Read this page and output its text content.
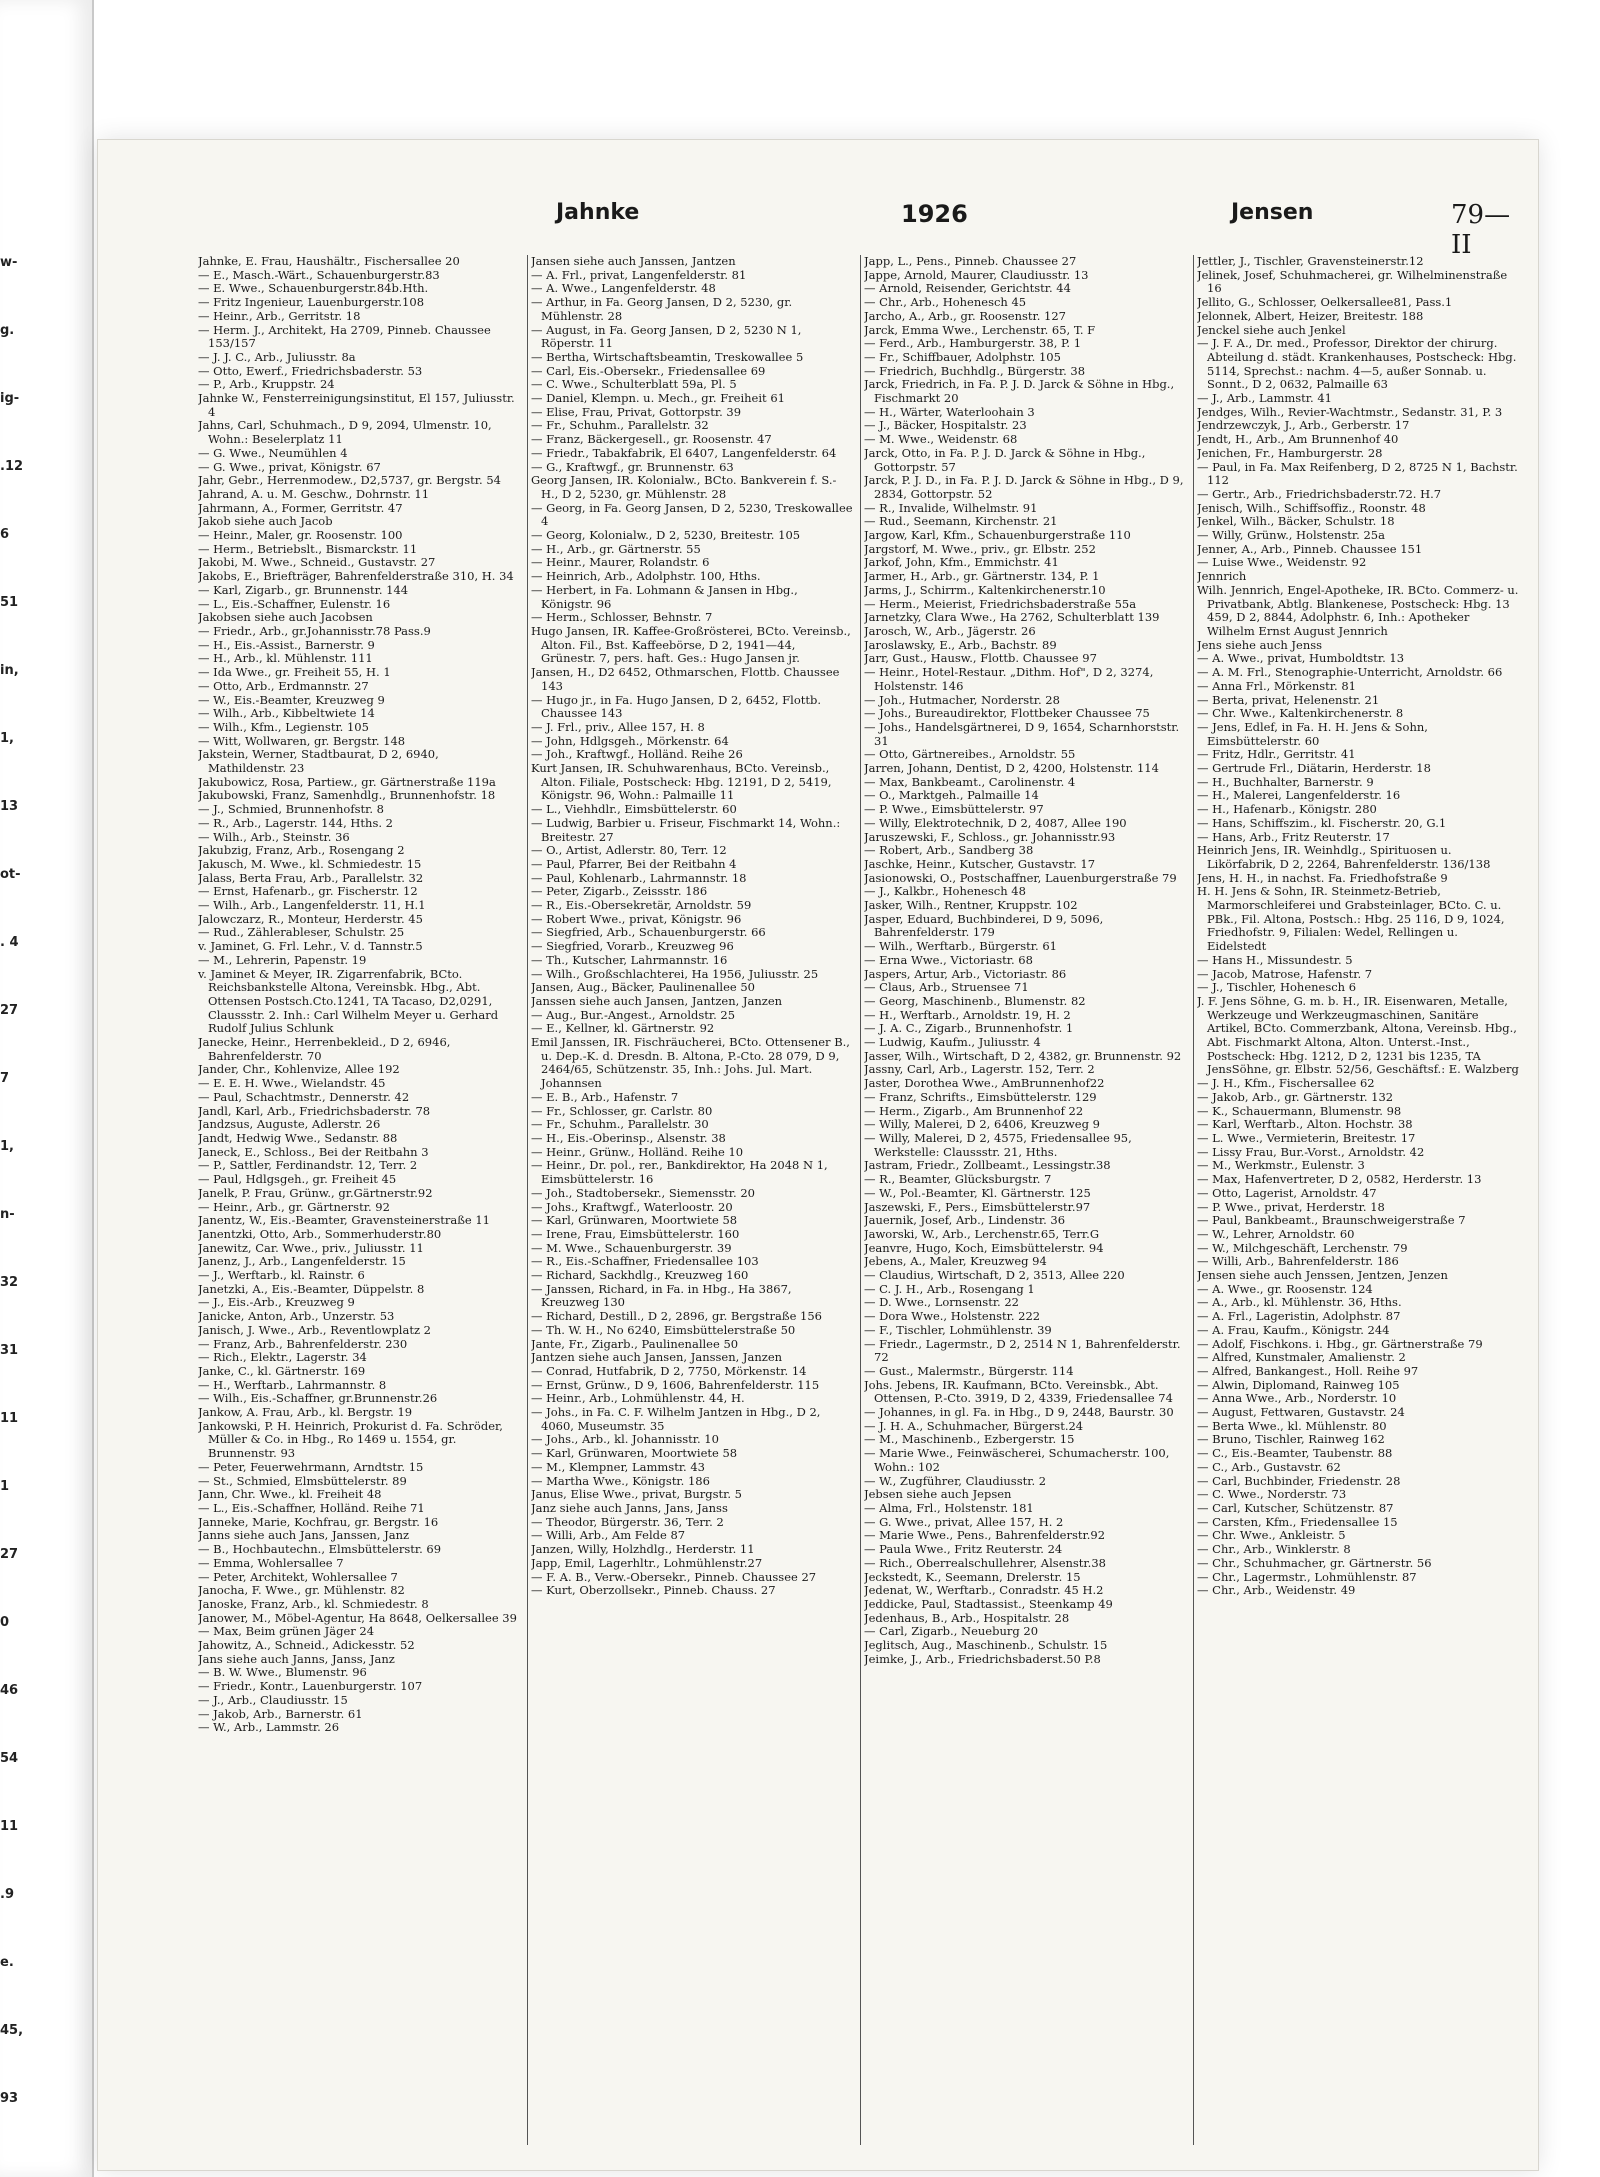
w-
g.
ig-
.12
6
51
in,
1,
13
ot-
. 4
27
7
1,
n-
32
31
11
1
27
0
46
54
11
.9
e.
45,
93
Jahnke	1926	Jensen	79—II
Jahnke, E. Frau, Haushältr., Fischersallee 20
— E., Masch.-Wärt., Schauenburgerstr.83
— E. Wwe., Schauenburgerstr.84b.Hth.
— Fritz Ingenieur, Lauenburgerstr.108
— Heinr., Arb., Gerritstr. 18
— Herm. J., Architekt, Ha 2709, Pinneb. Chaussee 153/157
— J. J. C., Arb., Juliusstr. 8a
— Otto, Ewerf., Friedrichsbaderstr. 53
— P., Arb., Kruppstr. 24
Jahnke W., Fensterreinigungsinstitut, El 157, Juliusstr. 4
Jahns, Carl, Schuhmach., D 9, 2094, Ulmenstr. 10, Wohn.: Beselerplatz 11
— G. Wwe., Neumühlen 4
— G. Wwe., privat, Königstr. 67
Jahr, Gebr., Herrenmodew., D2,5737, gr. Bergstr. 54
Jahrand, A. u. M. Geschw., Dohrnstr. 11
Jahrmann, A., Former, Gerritstr. 47
Jakob siehe auch Jacob
— Heinr., Maler, gr. Roosenstr. 100
— Herm., Betriebslt., Bismarckstr. 11
Jakobi, M. Wwe., Schneid., Gustavstr. 27
Jakobs, E., Briefträger, Bahrenfelderstraße 310, H. 34
— Karl, Zigarb., gr. Brunnenstr. 144
— L., Eis.-Schaffner, Eulenstr. 16
Jakobsen siehe auch Jacobsen
— Friedr., Arb., gr.Johannisstr.78 Pass.9
— H., Eis.-Assist., Barnerstr. 9
— H., Arb., kl. Mühlenstr. 111
— Ida Wwe., gr. Freiheit 55, H. 1
— Otto, Arb., Erdmannstr. 27
— W., Eis.-Beamter, Kreuzweg 9
— Wilh., Arb., Kibbeltwiete 14
— Wilh., Kfm., Legienstr. 105
— Witt, Wollwaren, gr. Bergstr. 148
Jakstein, Werner, Stadtbaurat, D 2, 6940, Mathildenstr. 23
Jakubowicz, Rosa, Partiew., gr. Gärtnerstraße 119a
Jakubowski, Franz, Samenhdlg., Brunnenhofstr. 18
— J., Schmied, Brunnenhofstr. 8
— R., Arb., Lagerstr. 144, Hths. 2
— Wilh., Arb., Steinstr. 36
Jakubzig, Franz, Arb., Rosengang 2
Jakusch, M. Wwe., kl. Schmiedestr. 15
Jalass, Berta Frau, Arb., Parallelstr. 32
— Ernst, Hafenarb., gr. Fischerstr. 12
— Wilh., Arb., Langenfelderstr. 11, H.1
Jalowczarz, R., Monteur, Herderstr. 45
— Rud., Zählerableser, Schulstr. 25
v. Jaminet, G. Frl. Lehr., V. d. Tannstr.5
— M., Lehrerin, Papenstr. 19
v. Jaminet & Meyer, IR. Zigarrenfabrik, BCto. Reichsbankstelle Altona, Vereinsbk. Hbg., Abt. Ottensen Postsch.Cto.1241, TA Tacaso, D2,0291, Claussstr. 2. Inh.: Carl Wilhelm Meyer u. Gerhard Rudolf Julius Schlunk
Janecke, Heinr., Herrenbekleid., D 2, 6946, Bahrenfelderstr. 70
Jander, Chr., Kohlenvize, Allee 192
— E. E. H. Wwe., Wielandstr. 45
— Paul, Schachtmstr., Dennerstr. 42
Jandl, Karl, Arb., Friedrichsbaderstr. 78
Jandzsus, Auguste, Adlerstr. 26
Jandt, Hedwig Wwe., Sedanstr. 88
Janeck, E., Schloss., Bei der Reitbahn 3
— P., Sattler, Ferdinandstr. 12, Terr. 2
— Paul, Hdlgsgeh., gr. Freiheit 45
Janelk, P. Frau, Grünw., gr.Gärtnerstr.92
— Heinr., Arb., gr. Gärtnerstr. 92
Janentz, W., Eis.-Beamter, Gravensteinerstraße 11
Janentzki, Otto, Arb., Sommerhuderstr.80
Janewitz, Car. Wwe., priv., Juliusstr. 11
Janenz, J., Arb., Langenfelderstr. 15
— J., Werftarb., kl. Rainstr. 6
Janetzki, A., Eis.-Beamter, Düppelstr. 8
— J., Eis.-Arb., Kreuzweg 9
Janicke, Anton, Arb., Unzerstr. 53
Janisch, J. Wwe., Arb., Reventlowplatz 2
— Franz, Arb., Bahrenfelderstr. 230
— Rich., Elektr., Lagerstr. 34
Janke, C., kl. Gärtnerstr. 169
— H., Werftarb., Lahrmannstr. 8
— Wilh., Eis.-Schaffner, gr.Brunnenstr.26
Jankow, A. Frau, Arb., kl. Bergstr. 19
Jankowski, P. H. Heinrich, Prokurist d. Fa. Schröder, Müller & Co. in Hbg., Ro 1469 u. 1554, gr. Brunnenstr. 93
— Peter, Feuerwehrmann, Arndtstr. 15
— St., Schmied, Elmsbüttelerstr. 89
Jann, Chr. Wwe., kl. Freiheit 48
— L., Eis.-Schaffner, Holländ. Reihe 71
Janneke, Marie, Kochfrau, gr. Bergstr. 16
Janns siehe auch Jans, Janssen, Janz
— B., Hochbautechn., Elmsbüttelerstr. 69
— Emma, Wohlersallee 7
— Peter, Architekt, Wohlersallee 7
Janocha, F. Wwe., gr. Mühlenstr. 82
Janoske, Franz, Arb., kl. Schmiedestr. 8
Janower, M., Möbel-Agentur, Ha 8648, Oelkersallee 39
— Max, Beim grünen Jäger 24
Jahowitz, A., Schneid., Adickesstr. 52
Jans siehe auch Janns, Janss, Janz
— B. W. Wwe., Blumenstr. 96
— Friedr., Kontr., Lauenburgerstr. 107
— J., Arb., Claudiusstr. 15
— Jakob, Arb., Barnerstr. 61
— W., Arb., Lammstr. 26
Jansen siehe auch Janssen, Jantzen
— A. Frl., privat, Langenfelderstr. 81
— A. Wwe., Langenfelderstr. 48
— Arthur, in Fa. Georg Jansen, D 2, 5230, gr. Mühlenstr. 28
— August, in Fa. Georg Jansen, D 2, 5230 N 1, Röperstr. 11
— Bertha, Wirtschaftsbeamtin, Treskowallee 5
— Carl, Eis.-Obersekr., Friedensallee 69
— C. Wwe., Schulterblatt 59a, Pl. 5
— Daniel, Klempn. u. Mech., gr. Freiheit 61
— Elise, Frau, Privat, Gottorpstr. 39
— Fr., Schuhm., Parallelstr. 32
— Franz, Bäckergesell., gr. Roosenstr. 47
— Friedr., Tabakfabrik, El 6407, Langenfelderstr. 64
— G., Kraftwgf., gr. Brunnenstr. 63
Georg Jansen, IR. Kolonialw., BCto. Bankverein f. S.-H., D 2, 5230, gr. Mühlenstr. 28
— Georg, in Fa. Georg Jansen, D 2, 5230, Treskowallee 4
— Georg, Kolonialw., D 2, 5230, Breitestr. 105
— H., Arb., gr. Gärtnerstr. 55
— Heinr., Maurer, Rolandstr. 6
— Heinrich, Arb., Adolphstr. 100, Hths.
— Herbert, in Fa. Lohmann & Jansen in Hbg., Königstr. 96
— Herm., Schlosser, Behnstr. 7
Hugo Jansen, IR. Kaffee-Großrösterei, BCto. Vereinsb., Alton. Fil., Bst. Kaffeebörse, D 2, 1941—44, Grünestr. 7, pers. haft. Ges.: Hugo Jansen jr.
Jansen, H., D2 6452, Othmarschen, Flottb. Chaussee 143
— Hugo jr., in Fa. Hugo Jansen, D 2, 6452, Flottb. Chaussee 143
— J. Frl., priv., Allee 157, H. 8
— John, Hdlgsgeh., Mörkenstr. 64
— Joh., Kraftwgf., Holländ. Reihe 26
Kurt Jansen, IR. Schuhwarenhaus, BCto. Vereinsb., Alton. Filiale, Postscheck: Hbg. 12191, D 2, 5419, Königstr. 96, Wohn.: Palmaille 11
— L., Viehhdlr., Eimsbüttelerstr. 60
— Ludwig, Barbier u. Friseur, Fischmarkt 14, Wohn.: Breitestr. 27
— O., Artist, Adlerstr. 80, Terr. 12
— Paul, Pfarrer, Bei der Reitbahn 4
— Paul, Kohlenarb., Lahrmannstr. 18
— Peter, Zigarb., Zeissstr. 186
— R., Eis.-Obersekretär, Arnoldstr. 59
— Robert Wwe., privat, Königstr. 96
— Siegfried, Arb., Schauenburgerstr. 66
— Siegfried, Vorarb., Kreuzweg 96
— Th., Kutscher, Lahrmannstr. 16
— Wilh., Großschlachterei, Ha 1956, Juliusstr. 25
Jansen, Aug., Bäcker, Paulinenallee 50
Janssen siehe auch Jansen, Jantzen, Janzen
— Aug., Bur.-Angest., Arnoldstr. 25
— E., Kellner, kl. Gärtnerstr. 92
Emil Janssen, IR. Fischräucherei, BCto. Ottensener B., u. Dep.-K. d. Dresdn. B. Altona, P.-Cto. 28 079, D 9, 2464/65, Schützenstr. 35, Inh.: Johs. Jul. Mart. Johannsen
— E. B., Arb., Hafenstr. 7
— Fr., Schlosser, gr. Carlstr. 80
— Fr., Schuhm., Parallelstr. 30
— H., Eis.-Oberinsp., Alsenstr. 38
— Heinr., Grünw., Holländ. Reihe 10
— Heinr., Dr. pol., rer., Bankdirektor, Ha 2048 N 1, Eimsbüttelerstr. 16
— Joh., Stadtobersekr., Siemensstr. 20
— Johs., Kraftwgf., Waterloostr. 20
— Karl, Grünwaren, Moortwiete 58
— Irene, Frau, Eimsbüttelerstr. 160
— M. Wwe., Schauenburgerstr. 39
— R., Eis.-Schaffner, Friedensallee 103
— Richard, Sackhdlg., Kreuzweg 160
— Janssen, Richard, in Fa. in Hbg., Ha 3867, Kreuzweg 130
— Richard, Destill., D 2, 2896, gr. Bergstraße 156
— Th. W. H., No 6240, Eimsbüttelerstraße 50
Jante, Fr., Zigarb., Paulinenallee 50
Jantzen siehe auch Jansen, Janssen, Janzen
— Conrad, Hutfabrik, D 2, 7750, Mörkenstr. 14
— Ernst, Grünw., D 9, 1606, Bahrenfelderstr. 115
— Heinr., Arb., Lohmühlenstr. 44, H.
— Johs., in Fa. C. F. Wilhelm Jantzen in Hbg., D 2, 4060, Museumstr. 35
— Johs., Arb., kl. Johannisstr. 10
— Karl, Grünwaren, Moortwiete 58
— M., Klempner, Lammstr. 43
— Martha Wwe., Königstr. 186
Janus, Elise Wwe., privat, Burgstr. 5
Janz siehe auch Janns, Jans, Janss
— Theodor, Bürgerstr. 36, Terr. 2
— Willi, Arb., Am Felde 87
Janzen, Willy, Holzhdlg., Herderstr. 11
Japp, Emil, Lagerhltr., Lohmühlenstr.27
— F. A. B., Verw.-Obersekr., Pinneb. Chaussee 27
— Kurt, Oberzollsekr., Pinneb. Chauss. 27
Japp, L., Pens., Pinneb. Chaussee 27
Jappe, Arnold, Maurer, Claudiusstr. 13
— Arnold, Reisender, Gerichtstr. 44
— Chr., Arb., Hohenesch 45
Jarcho, A., Arb., gr. Roosenstr. 127
Jarck, Emma Wwe., Lerchenstr. 65, T. F
— Ferd., Arb., Hamburgerstr. 38, P. 1
— Fr., Schiffbauer, Adolphstr. 105
— Friedrich, Buchhdlg., Bürgerstr. 38
Jarck, Friedrich, in Fa. P. J. D. Jarck & Söhne in Hbg., Fischmarkt 20
— H., Wärter, Waterloohain 3
— J., Bäcker, Hospitalstr. 23
— M. Wwe., Weidenstr. 68
Jarck, Otto, in Fa. P. J. D. Jarck & Söhne in Hbg., Gottorpstr. 57
Jarck, P. J. D., in Fa. P. J. D. Jarck & Söhne in Hbg., D 9, 2834, Gottorpstr. 52
— R., Invalide, Wilhelmstr. 91
— Rud., Seemann, Kirchenstr. 21
Jargow, Karl, Kfm., Schauenburgerstraße 110
Jargstorf, M. Wwe., priv., gr. Elbstr. 252
Jarkof, John, Kfm., Emmichstr. 41
Jarmer, H., Arb., gr. Gärtnerstr. 134, P. 1
Jarms, J., Schirrm., Kaltenkirchenerstr.10
— Herm., Meierist, Friedrichsbaderstraße 55a
Jarnetzky, Clara Wwe., Ha 2762, Schulterblatt 139
Jarosch, W., Arb., Jägerstr. 26
Jaroslawsky, E., Arb., Bachstr. 89
Jarr, Gust., Hausw., Flottb. Chaussee 97
— Heinr., Hotel-Restaur. „Dithm. Hof", D 2, 3274, Holstenstr. 146
— Joh., Hutmacher, Norderstr. 28
— Johs., Bureaudirektor, Flottbeker Chaussee 75
— Johs., Handelsgärtnerei, D 9, 1654, Scharnhorststr. 31
— Otto, Gärtnereibes., Arnoldstr. 55
Jarren, Johann, Dentist, D 2, 4200, Holstenstr. 114
— Max, Bankbeamt., Carolinenstr. 4
— O., Marktgeh., Palmaille 14
— P. Wwe., Eimsbüttelerstr. 97
— Willy, Elektrotechnik, D 2, 4087, Allee 190
Jaruszewski, F., Schloss., gr. Johannisstr.93
— Robert, Arb., Sandberg 38
Jaschke, Heinr., Kutscher, Gustavstr. 17
Jasionowski, O., Postschaffner, Lauenburgerstraße 79
— J., Kalkbr., Hohenesch 48
Jasker, Wilh., Rentner, Kruppstr. 102
Jasper, Eduard, Buchbinderei, D 9, 5096, Bahrenfelderstr. 179
— Wilh., Werftarb., Bürgerstr. 61
— Erna Wwe., Victoriastr. 68
Jaspers, Artur, Arb., Victoriastr. 86
— Claus, Arb., Struensee 71
— Georg, Maschinenb., Blumenstr. 82
— H., Werftarb., Arnoldstr. 19, H. 2
— J. A. C., Zigarb., Brunnenhofstr. 1
— Ludwig, Kaufm., Juliusstr. 4
Jasser, Wilh., Wirtschaft, D 2, 4382, gr. Brunnenstr. 92
Jassny, Carl, Arb., Lagerstr. 152, Terr. 2
Jaster, Dorothea Wwe., AmBrunnenhof22
— Franz, Schrifts., Eimsbüttelerstr. 129
— Herm., Zigarb., Am Brunnenhof 22
— Willy, Malerei, D 2, 6406, Kreuzweg 9
— Willy, Malerei, D 2, 4575, Friedensallee 95, Werkstelle: Claussstr. 21, Hths.
Jastram, Friedr., Zollbeamt., Lessingstr.38
— R., Beamter, Glücksburgstr. 7
— W., Pol.-Beamter, Kl. Gärtnerstr. 125
Jaszewski, F., Pers., Eimsbüttelerstr.97
Jauernik, Josef, Arb., Lindenstr. 36
Jaworski, W., Arb., Lerchenstr.65, Terr.G
Jeanvre, Hugo, Koch, Eimsbüttelerstr. 94
Jebens, A., Maler, Kreuzweg 94
— Claudius, Wirtschaft, D 2, 3513, Allee 220
— C. J. H., Arb., Rosengang 1
— D. Wwe., Lornsenstr. 22
— Dora Wwe., Holstenstr. 222
— F., Tischler, Lohmühlenstr. 39
— Friedr., Lagermstr., D 2, 2514 N 1, Bahrenfelderstr. 72
— Gust., Malermstr., Bürgerstr. 114
Johs. Jebens, IR. Kaufmann, BCto. Vereinsbk., Abt. Ottensen, P.-Cto. 3919, D 2, 4339, Friedensallee 74
— Johannes, in gl. Fa. in Hbg., D 9, 2448, Baurstr. 30
— J. H. A., Schuhmacher, Bürgerst.24
— M., Maschinenb., Ezbergerstr. 15
— Marie Wwe., Feinwäscherei, Schumacherstr. 100, Wohn.: 102
— W., Zugführer, Claudiusstr. 2
Jebsen siehe auch Jepsen
— Alma, Frl., Holstenstr. 181
— G. Wwe., privat, Allee 157, H. 2
— Marie Wwe., Pens., Bahrenfelderstr.92
— Paula Wwe., Fritz Reuterstr. 24
— Rich., Oberrealschullehrer, Alsenstr.38
Jeckstedt, K., Seemann, Drelerstr. 15
Jedenat, W., Werftarb., Conradstr. 45 H.2
Jeddicke, Paul, Stadtassist., Steenkamp 49
Jedenhaus, B., Arb., Hospitalstr. 28
— Carl, Zigarb., Neueburg 20
Jeglitsch, Aug., Maschinenb., Schulstr. 15
Jeimke, J., Arb., Friedrichsbaderst.50 P.8
Jettler, J., Tischler, Gravensteinerstr.12
Jelinek, Josef, Schuhmacherei, gr. Wilhelminenstraße 16
Jellito, G., Schlosser, Oelkersallee81, Pass.1
Jelonnek, Albert, Heizer, Breitestr. 188
Jenckel siehe auch Jenkel
— J. F. A., Dr. med., Professor, Direktor der chirurg. Abteilung d. städt. Krankenhauses, Postscheck: Hbg. 5114, Sprechst.: nachm. 4—5, außer Sonnab. u. Sonnt., D 2, 0632, Palmaille 63
— J., Arb., Lammstr. 41
Jendges, Wilh., Revier-Wachtmstr., Sedanstr. 31, P. 3
Jendrzewczyk, J., Arb., Gerberstr. 17
Jendt, H., Arb., Am Brunnenhof 40
Jenichen, Fr., Hamburgerstr. 28
— Paul, in Fa. Max Reifenberg, D 2, 8725 N 1, Bachstr. 112
— Gertr., Arb., Friedrichsbaderstr.72. H.7
Jenisch, Wilh., Schiffsoffiz., Roonstr. 48
Jenkel, Wilh., Bäcker, Schulstr. 18
— Willy, Grünw., Holstenstr. 25a
Jenner, A., Arb., Pinneb. Chaussee 151
— Luise Wwe., Weidenstr. 92
Jennrich
Wilh. Jennrich, Engel-Apotheke, IR. BCto. Commerz- u. Privatbank, Abtlg. Blankenese, Postscheck: Hbg. 13 459, D 2, 8844, Adolphstr. 6, Inh.: Apotheker Wilhelm Ernst August Jennrich
Jens siehe auch Jenss
— A. Wwe., privat, Humboldtstr. 13
— A. M. Frl., Stenographie-Unterricht, Arnoldstr. 66
— Anna Frl., Mörkenstr. 81
— Berta, privat, Helenenstr. 21
— Chr. Wwe., Kaltenkirchenerstr. 8
— Jens, Edlef, in Fa. H. H. Jens & Sohn, Eimsbüttelerstr. 60
— Fritz, Hdlr., Gerritstr. 41
— Gertrude Frl., Diätarin, Herderstr. 18
— H., Buchhalter, Barnerstr. 9
— H., Malerei, Langenfelderstr. 16
— H., Hafenarb., Königstr. 280
— Hans, Schiffszim., kl. Fischerstr. 20, G.1
— Hans, Arb., Fritz Reuterstr. 17
Heinrich Jens, IR. Weinhdlg., Spirituosen u. Likörfabrik, D 2, 2264, Bahrenfelderstr. 136/138
Jens, H. H., in nachst. Fa. Friedhofstraße 9
H. H. Jens & Sohn, IR. Steinmetz-Betrieb, Marmorschleiferei und Grabsteinlager, BCto. C. u. PBk., Fil. Altona, Postsch.: Hbg. 25 116, D 9, 1024, Friedhofstr. 9, Filialen: Wedel, Rellingen u. Eidelstedt
— Hans H., Missundestr. 5
— Jacob, Matrose, Hafenstr. 7
— J., Tischler, Hohenesch 6
J. F. Jens Söhne, G. m. b. H., IR. Eisenwaren, Metalle, Werkzeuge und Werkzeugmaschinen, Sanitäre Artikel, BCto. Commerzbank, Altona, Vereinsb. Hbg., Abt. Fischmarkt Altona, Alton. Unterst.-Inst., Postscheck: Hbg. 1212, D 2, 1231 bis 1235, TA JensSöhne, gr. Elbstr. 52/56, Geschäftsf.: E. Walzberg
— J. H., Kfm., Fischersallee 62
— Jakob, Arb., gr. Gärtnerstr. 132
— K., Schauermann, Blumenstr. 98
— Karl, Werftarb., Alton. Hochstr. 38
— L. Wwe., Vermieterin, Breitestr. 17
— Lissy Frau, Bur.-Vorst., Arnoldstr. 42
— M., Werkmstr., Eulenstr. 3
— Max, Hafenvertreter, D 2, 0582, Herderstr. 13
— Otto, Lagerist, Arnoldstr. 47
— P. Wwe., privat, Herderstr. 18
— Paul, Bankbeamt., Braunschweigerstraße 7
— W., Lehrer, Arnoldstr. 60
— W., Milchgeschäft, Lerchenstr. 79
— Willi, Arb., Bahrenfelderstr. 186
Jensen siehe auch Jenssen, Jentzen, Jenzen
— A. Wwe., gr. Roosenstr. 124
— A., Arb., kl. Mühlenstr. 36, Hths.
— A. Frl., Lageristin, Adolphstr. 87
— A. Frau, Kaufm., Königstr. 244
— Adolf, Fischkons. i. Hbg., gr. Gärtnerstraße 79
— Alfred, Kunstmaler, Amalienstr. 2
— Alfred, Bankangest., Holl. Reihe 97
— Alwin, Diplomand, Rainweg 105
— Anna Wwe., Arb., Norderstr. 10
— August, Fettwaren, Gustavstr. 24
— Berta Wwe., kl. Mühlenstr. 80
— Bruno, Tischler, Rainweg 162
— C., Eis.-Beamter, Taubenstr. 88
— C., Arb., Gustavstr. 62
— Carl, Buchbinder, Friedenstr. 28
— C. Wwe., Norderstr. 73
— Carl, Kutscher, Schützenstr. 87
— Carsten, Kfm., Friedensallee 15
— Chr. Wwe., Ankleistr. 5
— Chr., Arb., Winklerstr. 8
— Chr., Schuhmacher, gr. Gärtnerstr. 56
— Chr., Lagermstr., Lohmühlenstr. 87
— Chr., Arb., Weidenstr. 49
